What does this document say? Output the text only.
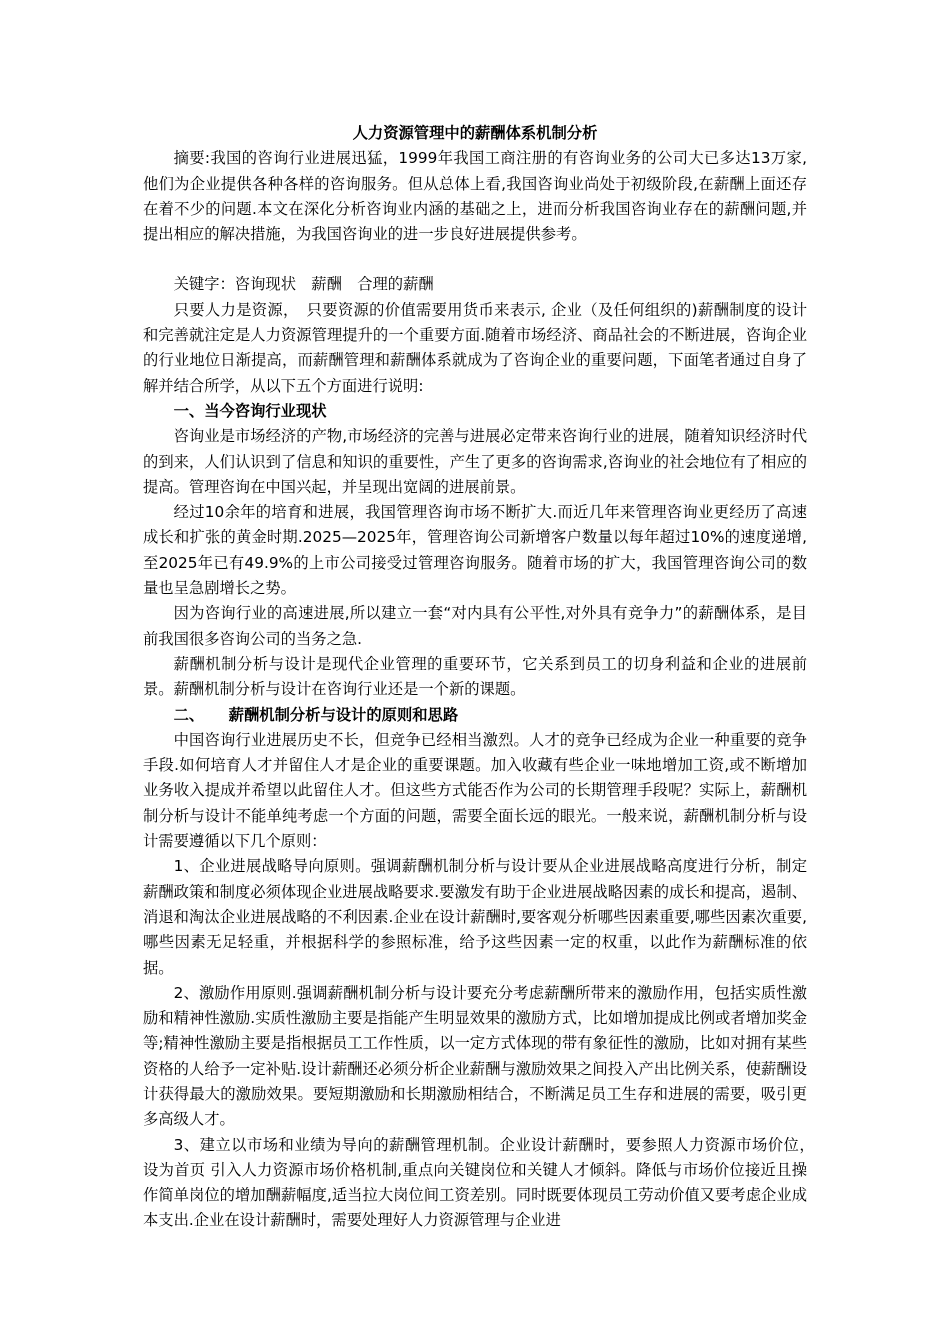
人力资源管理中的薪酬体系机制分析

摘要:我国的咨询行业进展迅猛，1999年我国工商注册的有咨询业务的公司大已多达13万家,他们为企业提供各种各样的咨询服务。但从总体上看,我国咨询业尚处于初级阶段,在薪酬上面还存在着不少的问题.本文在深化分析咨询业内涵的基础之上，进而分析我国咨询业存在的薪酬问题,并提出相应的解决措施，为我国咨询业的进一步良好进展提供参考。

关键字：咨询现状 薪酬 合理的薪酬

只要人力是资源，　只要资源的价值需要用货币来表示, 企业（及任何组织的)薪酬制度的设计和完善就注定是人力资源管理提升的一个重要方面.随着市场经济、商品社会的不断进展，咨询企业的行业地位日渐提高，而薪酬管理和薪酬体系就成为了咨询企业的重要问题，下面笔者通过自身了解并结合所学，从以下五个方面进行说明:

一、当今咨询行业现状

咨询业是市场经济的产物,市场经济的完善与进展必定带来咨询行业的进展，随着知识经济时代的到来，人们认识到了信息和知识的重要性，产生了更多的咨询需求,咨询业的社会地位有了相应的提高。管理咨询在中国兴起，并呈现出宽阔的进展前景。

经过10余年的培育和进展，我国管理咨询市场不断扩大.而近几年来管理咨询业更经历了高速成长和扩张的黄金时期.2025—2025年，管理咨询公司新增客户数量以每年超过10%的速度递增,至2025年已有49.9%的上市公司接受过管理咨询服务。随着市场的扩大，我国管理咨询公司的数量也呈急剧增长之势。

因为咨询行业的高速进展,所以建立一套“对内具有公平性,对外具有竞争力”的薪酬体系，是目前我国很多咨询公司的当务之急.

薪酬机制分析与设计是现代企业管理的重要环节，它关系到员工的切身利益和企业的进展前景。薪酬机制分析与设计在咨询行业还是一个新的课题。

二、 薪酬机制分析与设计的原则和思路

中国咨询行业进展历史不长，但竞争已经相当激烈。人才的竞争已经成为企业一种重要的竞争手段.如何培育人才并留住人才是企业的重要课题。加入收藏有些企业一味地增加工资,或不断增加业务收入提成并希望以此留住人才。但这些方式能否作为公司的长期管理手段呢？实际上，薪酬机制分析与设计不能单纯考虑一个方面的问题，需要全面长远的眼光。一般来说，薪酬机制分析与设计需要遵循以下几个原则：

1、企业进展战略导向原则。强调薪酬机制分析与设计要从企业进展战略高度进行分析，制定薪酬政策和制度必须体现企业进展战略要求.要激发有助于企业进展战略因素的成长和提高，遏制、消退和淘汰企业进展战略的不利因素.企业在设计薪酬时,要客观分析哪些因素重要,哪些因素次重要,哪些因素无足轻重，并根据科学的参照标准，给予这些因素一定的权重，以此作为薪酬标准的依据。

2、激励作用原则.强调薪酬机制分析与设计要充分考虑薪酬所带来的激励作用，包括实质性激励和精神性激励.实质性激励主要是指能产生明显效果的激励方式，比如增加提成比例或者增加奖金等;精神性激励主要是指根据员工工作性质，以一定方式体现的带有象征性的激励，比如对拥有某些资格的人给予一定补贴.设计薪酬还必须分析企业薪酬与激励效果之间投入产出比例关系，使薪酬设计获得最大的激励效果。要短期激励和长期激励相结合，不断满足员工生存和进展的需要，吸引更多高级人才。

3、建立以市场和业绩为导向的薪酬管理机制。企业设计薪酬时，要参照人力资源市场价位，　设为首页 引入人力资源市场价格机制,重点向关键岗位和关键人才倾斜。降低与市场价位接近且操作简单岗位的增加酬薪幅度,适当拉大岗位间工资差别。同时既要体现员工劳动价值又要考虑企业成本支出.企业在设计薪酬时，需要处理好人力资源管理与企业进
